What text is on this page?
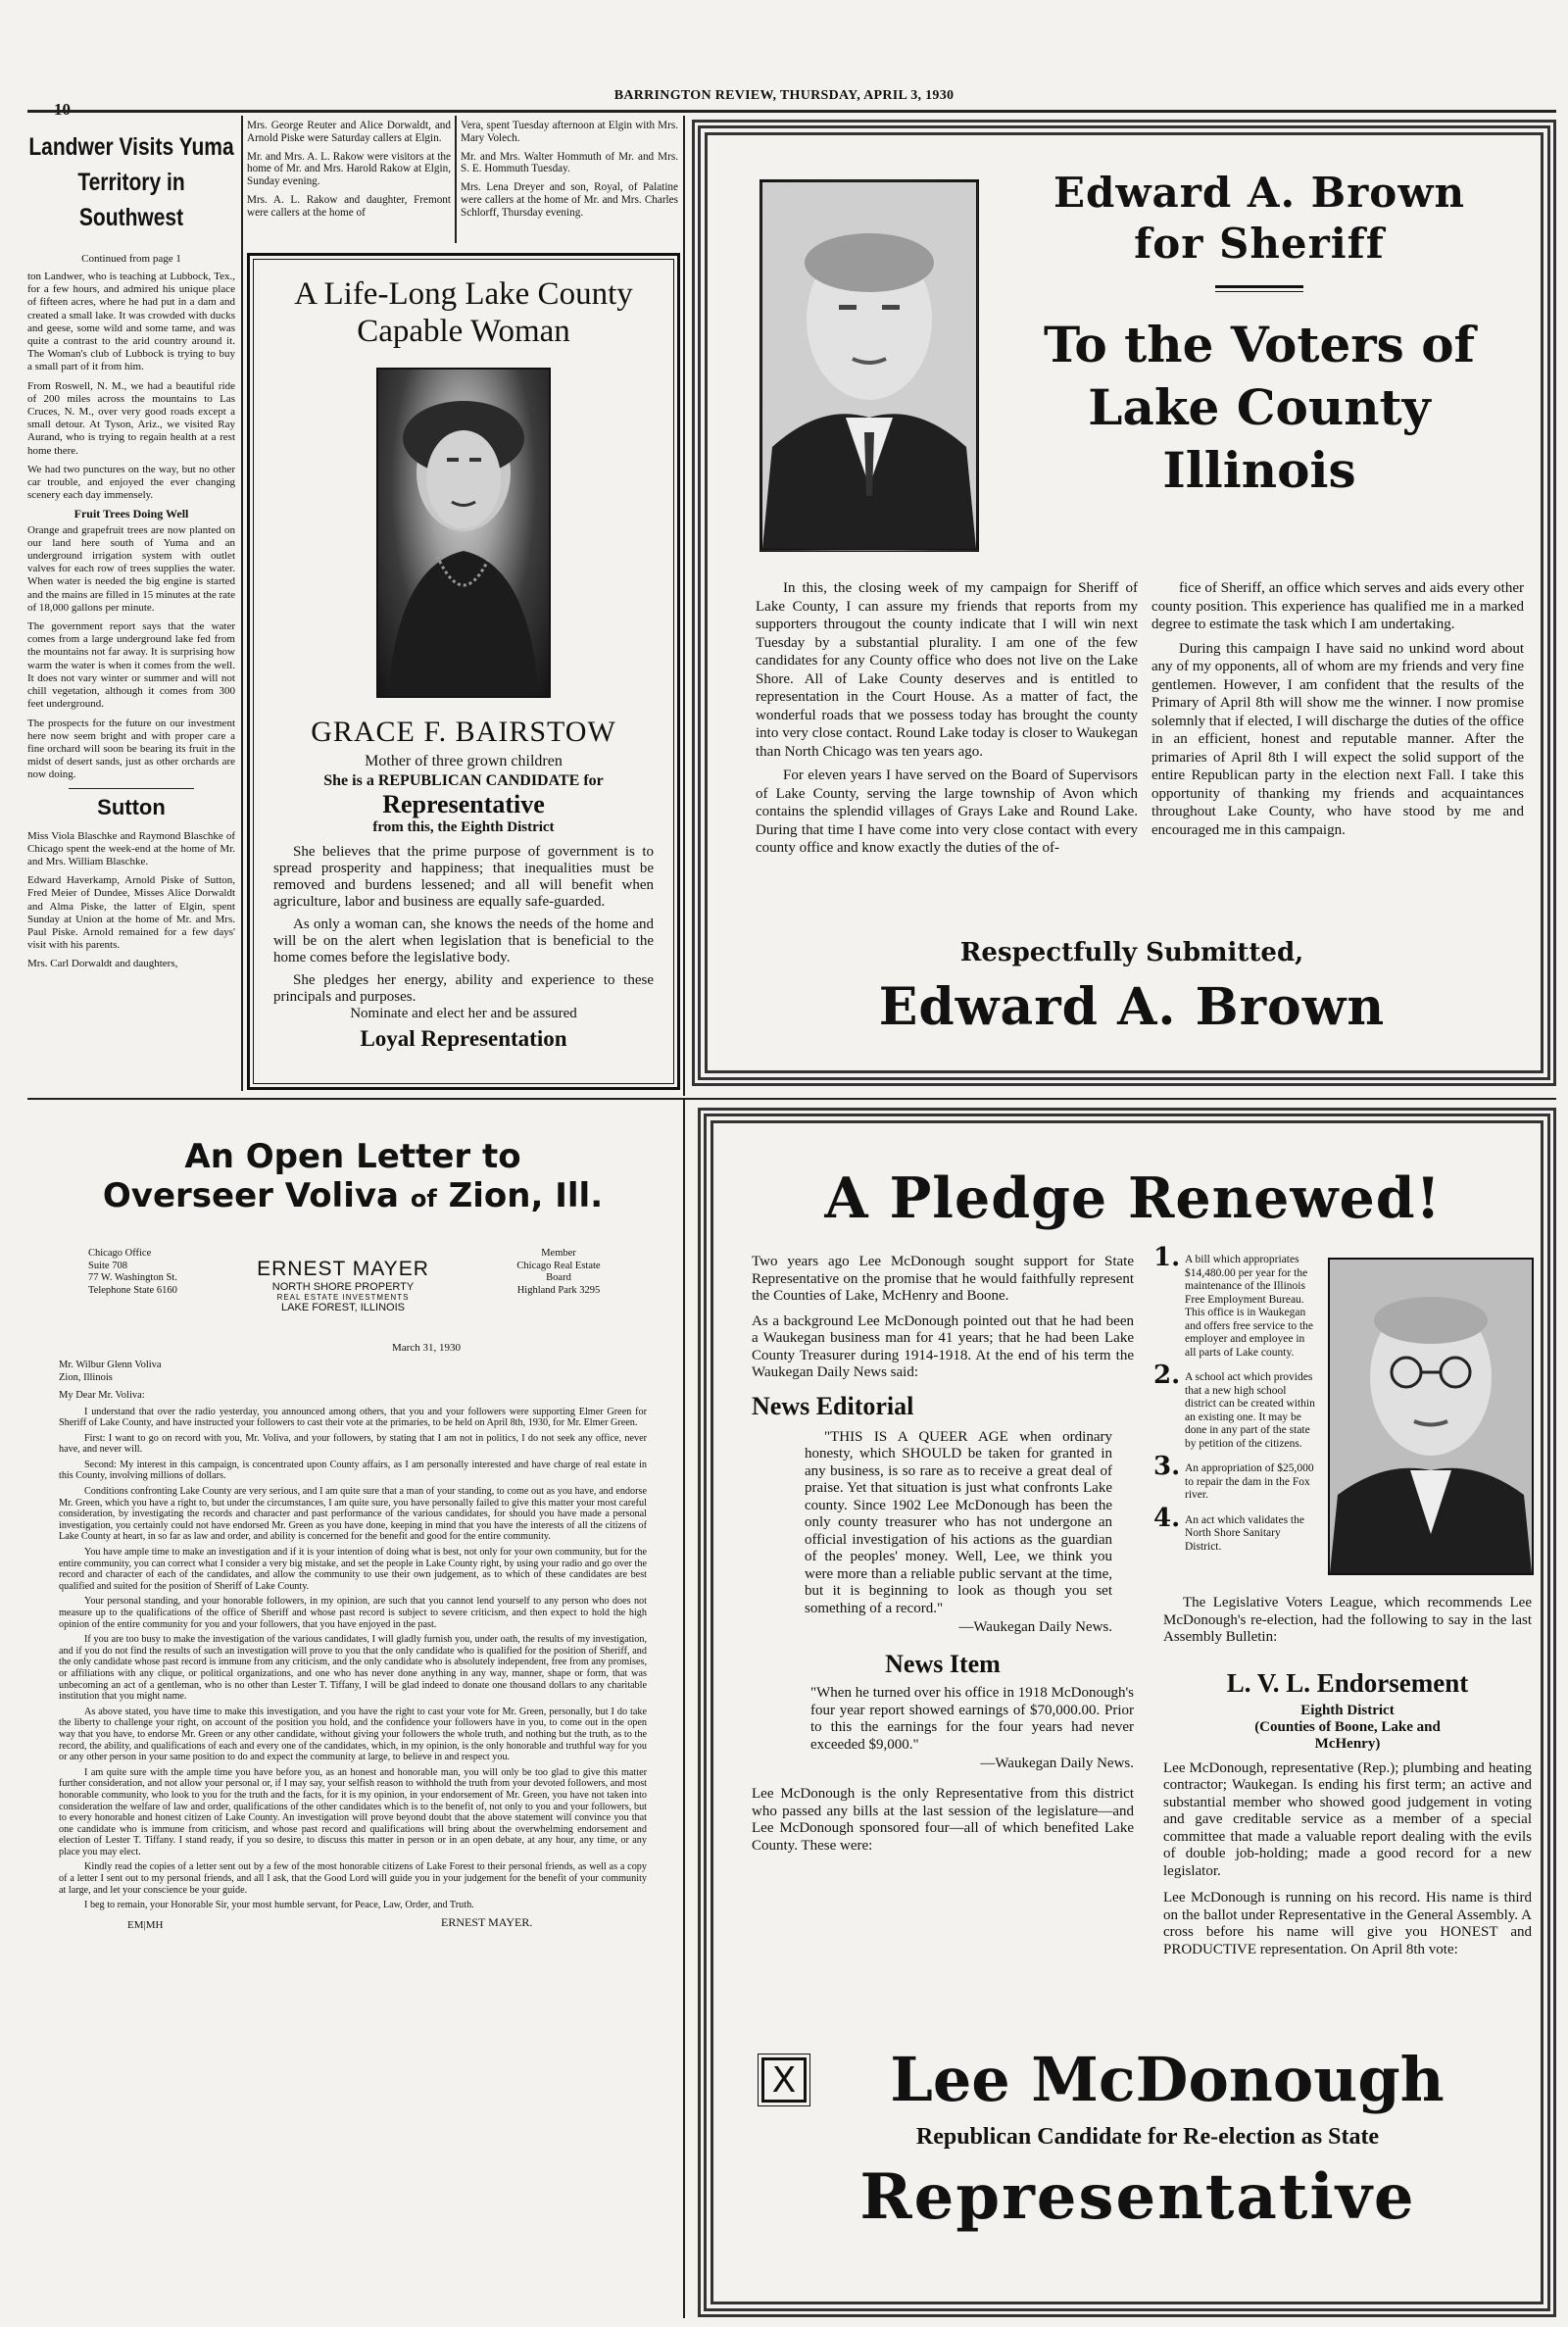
BARRINGTON REVIEW, THURSDAY, APRIL 3, 1930
Landwer Visits Yuma Territory in Southwest
Continued from page 1

ton Landwer, who is teaching at Lubbock, Tex., for a few hours, and admired his unique place of fifteen acres, where he had put in a dam and created a small lake. It was crowded with ducks and geese, some wild and some tame, and was quite a contrast to the arid country around it. The Woman's club of Lubbock is trying to buy a small part of it from him.

From Roswell, N. M., we had a beautiful ride of 200 miles across the mountains to Las Cruces, N. M., over very good roads except a small detour. At Tyson, Ariz., we visited Ray Aurand, who is trying to regain health at a rest home there.

We had two punctures on the way, but no other car trouble, and enjoyed the ever changing scenery each day immensely.

Fruit Trees Doing Well

Orange and grapefruit trees are now planted on our land here south of Yuma and an underground irrigation system with outlet valves for each row of trees supplies the water. When water is needed the big engine is started and the mains are filled in 15 minutes at the rate of 18,000 gallons per minute.

The government report says that the water comes from a large underground lake fed from the mountains not far away. It is surprising how warm the water is when it comes from the well. It does not vary winter or summer and will not chill vegetation, although it comes from 300 feet underground.

The prospects for the future on our investment here now seem bright and with proper care a fine orchard will soon be bearing its fruit in the midst of desert sands, just as other orchards are now doing.

Sutton

Miss Viola Blaschke and Raymond Blaschke of Chicago spent the week-end at the home of Mr. and Mrs. William Blaschke.

Edward Haverkamp, Arnold Piske of Sutton, Fred Meier of Dundee, Misses Alice Dorwaldt and Alma Piske, the latter of Elgin, spent Sunday at Union at the home of Mr. and Mrs. Paul Piske. Arnold remained for a few days' visit with his parents.

Mrs. Carl Dorwaldt and daughters,

Mrs. George Reuter and Alice Dorwaldt, and Arnold Piske were Saturday callers at Elgin.

Mr. and Mrs. A. L. Rakow were visitors at the home of Mr. and Mrs. Harold Rakow at Elgin, Sunday evening.

Mrs. A. L. Rakow and daughter, Fremont were callers at the home of

Vera, spent Tuesday afternoon at Elgin with Mrs. Mary Volech.

Mr. and Mrs. Walter Hommuth of Mr. and Mrs. S. E. Hommuth Tuesday.

Mrs. Lena Dreyer and son, Royal, of Palatine were callers at the home of Mr. and Mrs. Charles Schlorff, Thursday evening.

A Life-Long Lake County Capable Woman
GRACE F. BAIRSTOW
Mother of three grown children
She is a REPUBLICAN CANDIDATE for
Representative
from this, the Eighth District

She believes that the prime purpose of government is to spread prosperity and happiness; that inequalities must be removed and burdens lessened; and all will benefit when agriculture, labor and business are equally safe-guarded.

As only a woman can, she knows the needs of the home and will be on the alert when legislation that is beneficial to the home comes before the legislative body.

She pledges her energy, ability and experience to these principals and purposes.

Nominate and elect her and be assured
Loyal Representation
Edward A. Brown
for Sheriff
To the Voters of
Lake County
Illinois

In this, the closing week of my campaign for Sheriff of Lake County, I can assure my friends that reports from my supporters througout the county indicate that I will win next Tuesday by a substantial plurality. I am one of the few candidates for any County office who does not live on the Lake Shore. All of Lake County deserves and is entitled to representation in the Court House. As a matter of fact, the wonderful roads that we possess today has brought the county into very close contact. Round Lake today is closer to Waukegan than North Chicago was ten years ago.

For eleven years I have served on the Board of Supervisors of Lake County, serving the large township of Avon which contains the splendid villages of Grays Lake and Round Lake. During that time I have come into very close contact with every county office and know exactly the duties of the of-

fice of Sheriff, an office which serves and aids every other county position. This experience has qualified me in a marked degree to estimate the task which I am undertaking.

During this campaign I have said no unkind word about any of my opponents, all of whom are my friends and very fine gentlemen. However, I am confident that the results of the Primary of April 8th will show me the winner. I now promise solemnly that if elected, I will discharge the duties of the office in an efficient, honest and reputable manner. After the primaries of April 8th I will expect the solid support of the entire Republican party in the election next Fall. I take this opportunity of thanking my friends and acquaintances throughout Lake County, who have stood by me and encouraged me in this campaign.

Respectfully Submitted,
Edward A. Brown
An Open Letter to
Overseer Voliva of Zion, Ill.
Chicago Office
Suite 708
77 W. Washington St.
Telephone State 6160
ERNEST MAYER
NORTH SHORE PROPERTY
REAL ESTATE INVESTMENTS
LAKE FOREST, ILLINOIS
Member
Chicago Real Estate
Board
Highland Park 3295
March 31, 1930
Mr. Wilbur Glenn Voliva
Zion, Illinois
My Dear Mr. Voliva:

I understand that over the radio yesterday, you announced among others, that you and your followers were supporting Elmer Green for Sheriff of Lake County, and have instructed your followers to cast their vote at the primaries, to be held on April 8th, 1930, for Mr. Elmer Green.

First: I want to go on record with you, Mr. Voliva, and your followers, by stating that I am not in politics, I do not seek any office, never have, and never will.

Second: My interest in this campaign, is concentrated upon County affairs, as I am personally interested and have charge of real estate in this County, involving millions of dollars.

Conditions confronting Lake County are very serious, and I am quite sure that a man of your standing, to come out as you have, and endorse Mr. Green, which you have a right to, but under the circumstances, I am quite sure, you have personally failed to give this matter your most careful consideration, by investigating the records and character and past performance of the various candidates, for should you have made a personal investigation, you certainly could not have endorsed Mr. Green as you have done, keeping in mind that you have the interests of all the citizens of Lake County at heart, in so far as law and order, and ability is concerned for the benefit and good for the entire community.

You have ample time to make an investigation and if it is your intention of doing what is best, not only for your own community, but for the entire community, you can correct what I consider a very big mistake, and set the people in Lake County right, by using your radio and go over the record and character of each of the candidates, and allow the community to use their own judgement, as to which of these candidates are best qualified and suited for the position of Sheriff of Lake County.

Your personal standing, and your honorable followers, in my opinion, are such that you cannot lend yourself to any person who does not measure up to the qualifications of the office of Sheriff and whose past record is subject to severe criticism, and then expect to hold the high opinion of the entire community for you and your followers, that you have enjoyed in the past.

If you are too busy to make the investigation of the various candidates, I will gladly furnish you, under oath, the results of my investigation, and if you do not find the results of such an investigation will prove to you that the only candidate who is qualified for the position of Sheriff, and the only candidate whose past record is immune from any criticism, and the only candidate who is absolutely independent, free from any promises, or affiliations with any clique, or political organizations, and one who has never done anything in any way, manner, shape or form, that was unbecoming an act of a gentleman, who is no other than Lester T. Tiffany, I will be glad indeed to donate one thousand dollars to any charitable institution that you might name.

As above stated, you have time to make this investigation, and you have the right to cast your vote for Mr. Green, personally, but I do take the liberty to challenge your right, on account of the position you hold, and the confidence your followers have in you, to come out in the open way that you have, to endorse Mr. Green or any other candidate, without giving your followers the whole truth, and nothing but the truth, as to the record, the ability, and qualifications of each and every one of the candidates, which, in my opinion, is the only honorable and truthful way for you or any other person in your same position to do and expect the community at large, to believe in and respect you.

I am quite sure with the ample time you have before you, as an honest and honorable man, you will only be too glad to give this matter further consideration, and not allow your personal or, if I may say, your selfish reason to withhold the truth from your devoted followers, and most honorable community, who look to you for the truth and the facts, for it is my opinion, in your endorsement of Mr. Green, you have not taken into consideration the welfare of law and order, qualifications of the other candidates which is to the benefit of, not only to you and your followers, but to every honorable and honest citizen of Lake County. An investigation will prove beyond doubt that the above statement will convince you that one candidate who is immune from criticism, and whose past record and qualifications will bring about the overwhelming endorsement and election of Lester T. Tiffany. I stand ready, if you so desire, to discuss this matter in person or in an open debate, at any hour, any time, or any place you may elect.

Kindly read the copies of a letter sent out by a few of the most honorable citizens of Lake Forest to their personal friends, as well as a copy of a letter I sent out to my personal friends, and all I ask, that the Good Lord will guide you in your judgement for the benefit of your community at large, and let your conscience be your guide.

I beg to remain, your Honorable Sir, your most humble servant, for Peace, Law, Order, and Truth.

EM|MH	ERNEST MAYER.
A Pledge Renewed!

Two years ago Lee McDonough sought support for State Representative on the promise that he would faithfully represent the Counties of Lake, McHenry and Boone.

As a background Lee McDonough pointed out that he had been a Waukegan business man for 41 years; that he had been Lake County Treasurer during 1914-1918. At the end of his term the Waukegan Daily News said:

News Editorial

"THIS IS A QUEER AGE when ordinary honesty, which SHOULD be taken for granted in any business, is so rare as to receive a great deal of praise. Yet that situation is just what confronts Lake county. Since 1902 Lee McDonough has been the only county treasurer who has not undergone an official investigation of his actions as the guardian of the peoples' money. Well, Lee, we think you were more than a reliable public servant at the time, but it is beginning to look as though you set something of a record."

—Waukegan Daily News.

News Item

"When he turned over his office in 1918 McDonough's four year report showed earnings of $70,000.00. Prior to this the earnings for the four years had never exceeded $9,000."

—Waukegan Daily News.

Lee McDonough is the only Representative from this district who passed any bills at the last session of the legislature—and Lee McDonough sponsored four—all of which benefited Lake County. These were:

1. A bill which appropriates $14,480.00 per year for the maintenance of the Illinois Free Employment Bureau. This office is in Waukegan and offers free service to the employer and employee in all parts of Lake county.
2. A school act which provides that a new high school district can be created within an existing one. It may be done in any part of the state by petition of the citizens.
3. An appropriation of $25,000 to repair the dam in the Fox river.
4. An act which validates the North Shore Sanitary District.

The Legislative Voters League, which recommends Lee McDonough's re-election, had the following to say in the last Assembly Bulletin:

L. V. L. Endorsement
Eighth District
(Counties of Boone, Lake and McHenry)

Lee McDonough, representative (Rep.); plumbing and heating contractor; Waukegan. Is ending his first term; an active and substantial member who showed good judgement in voting and gave creditable service as a member of a special committee that made a valuable report dealing with the evils of double job-holding; made a good record for a new legislator.

Lee McDonough is running on his record. His name is third on the ballot under Representative in the General Assembly. A cross before his name will give you HONEST and PRODUCTIVE representation. On April 8th vote:

X	Lee McDonough
Republican Candidate for Re-election as State
Representative
